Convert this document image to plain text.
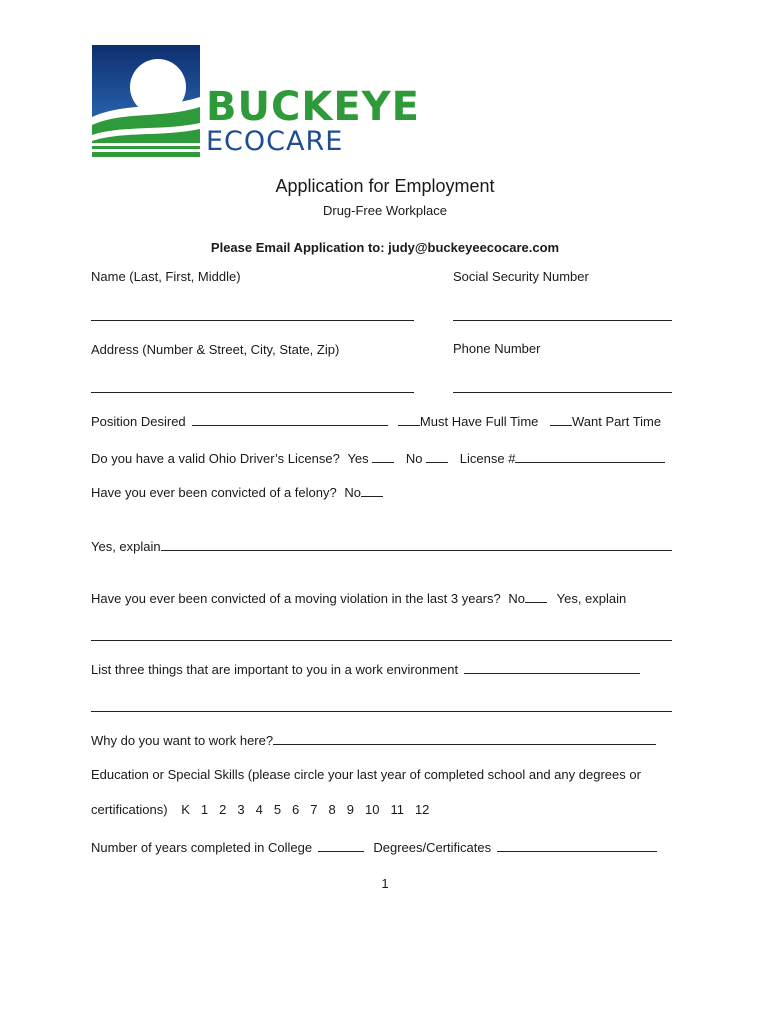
BUCKEYE
ECOCARE
Application for Employment
Drug-Free Workplace
Please Email Application to: judy@buckeyeecocare.com
Name (Last, First, Middle)	Social Security Number
Address (Number & Street, City, State, Zip)	Phone Number
Position Desired	Must Have Full Time	Want Part Time
Do you have a valid Ohio Driver’s License? Yes	No	License #
Have you ever been convicted of a felony? No
Yes, explain
Have you ever been convicted of a moving violation in the last 3 years? No Yes, explain
List three things that are important to you in a work environment
Why do you want to work here?
Education or Special Skills (please circle your last year of completed school and any degrees or
certifications) K 1 2 3 4 5 6 7 8 9 10 11 12
Number of years completed in College	Degrees/Certificates
1
